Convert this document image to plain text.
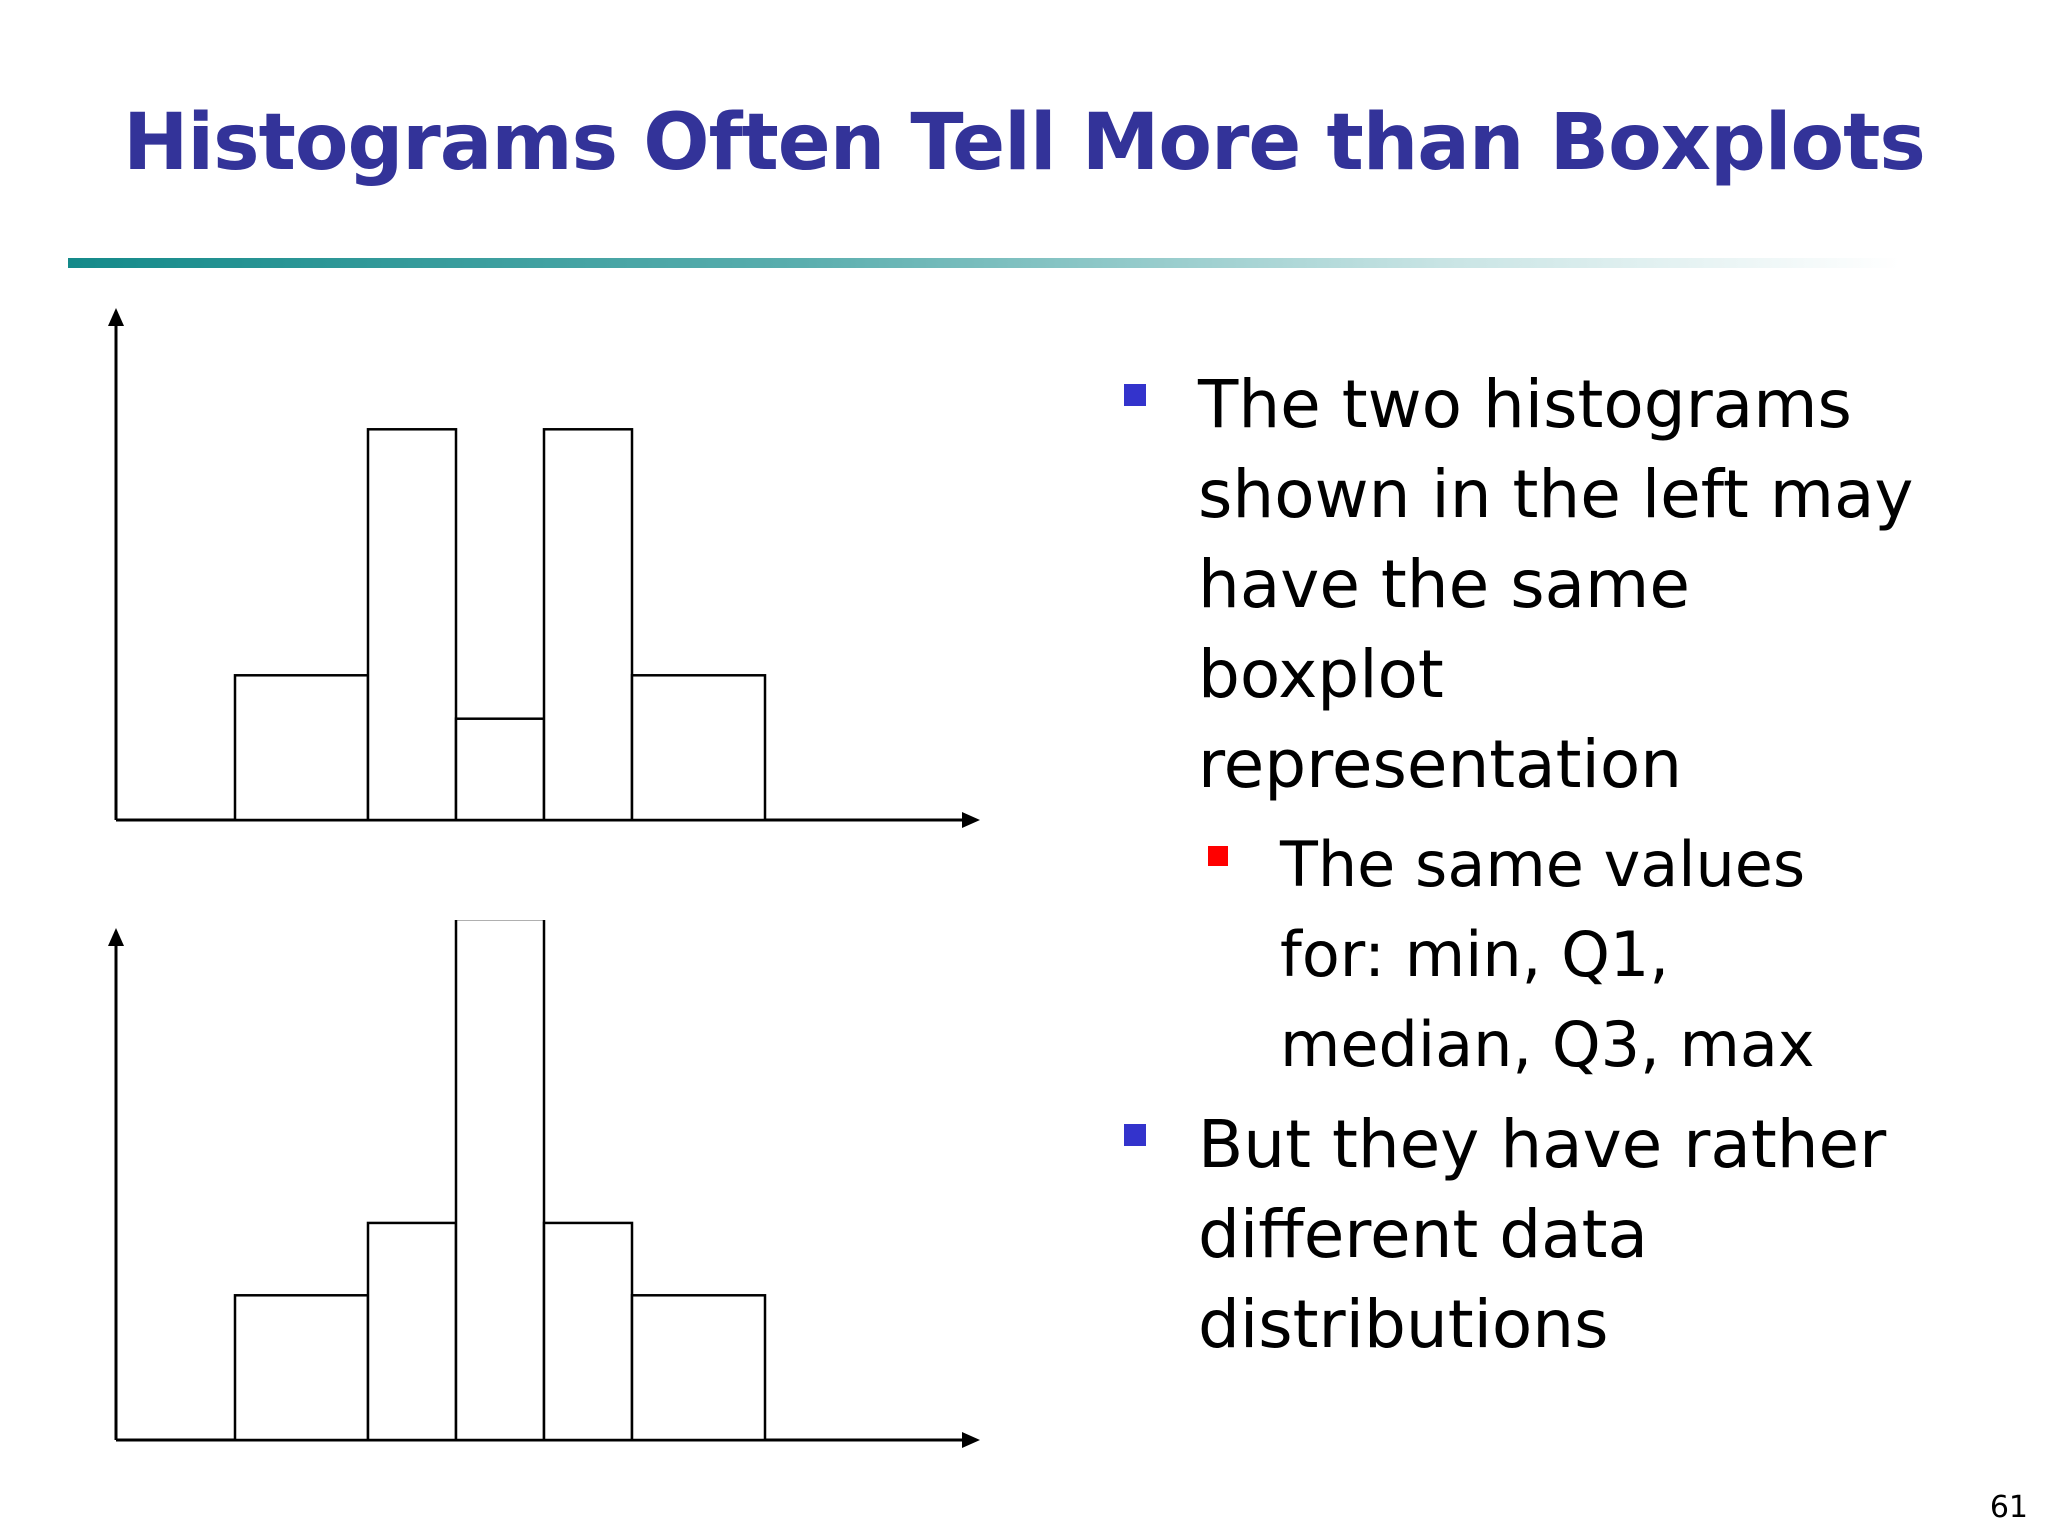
Histograms Often Tell More than Boxplots
The two histograms
shown in the left may
have the same
boxplot
representation
The same values
for: min, Q1,
median, Q3, max
But they have rather
different data
distributions
61
